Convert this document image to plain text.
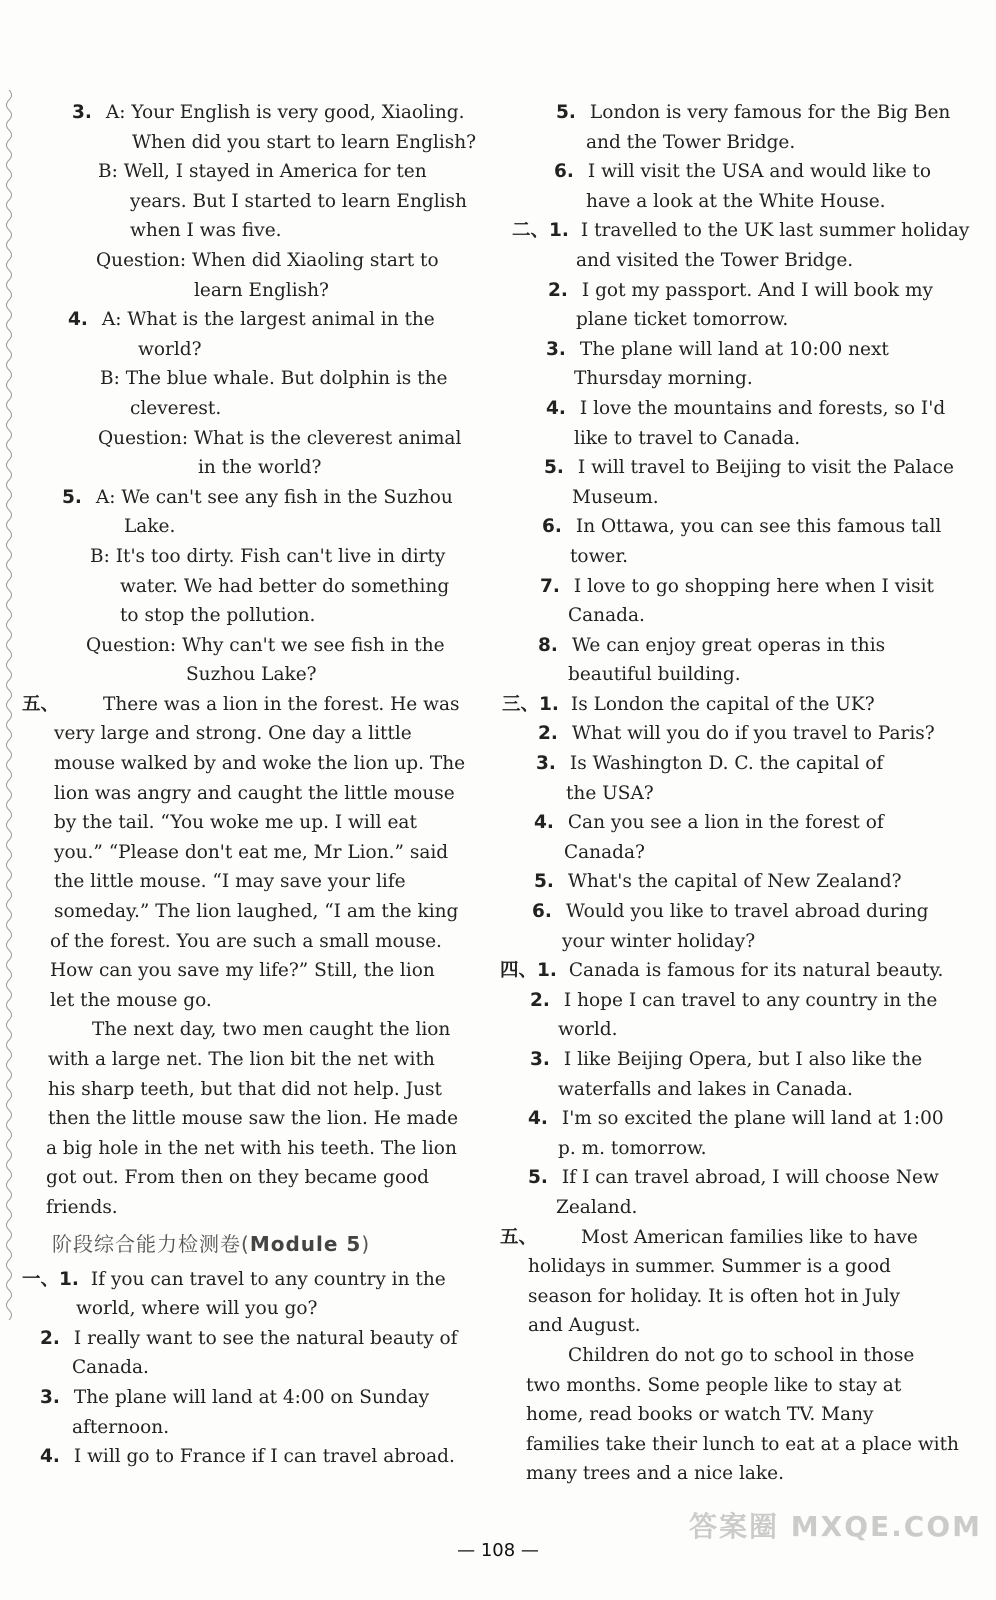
3. A: Your English is very good, Xiaoling.
When did you start to learn English?
B: Well, I stayed in America for ten
years. But I started to learn English
when I was five.
Question: When did Xiaoling start to
learn English?
4. A: What is the largest animal in the
world?
B: The blue whale. But dolphin is the
cleverest.
Question: What is the cleverest animal
in the world?
5. A: We can't see any fish in the Suzhou
Lake.
B: It's too dirty. Fish can't live in dirty
water. We had better do something
to stop the pollution.
Question: Why can't we see fish in the
Suzhou Lake?
五、 There was a lion in the forest. He was
very large and strong. One day a little
mouse walked by and woke the lion up. The
lion was angry and caught the little mouse
by the tail. “You woke me up. I will eat
you.” “Please don't eat me, Mr Lion.” said
the little mouse. “I may save your life
someday.” The lion laughed, “I am the king
of the forest. You are such a small mouse.
How can you save my life?” Still, the lion
let the mouse go.
The next day, two men caught the lion
with a large net. The lion bit the net with
his sharp teeth, but that did not help. Just
then the little mouse saw the lion. He made
a big hole in the net with his teeth. The lion
got out. From then on they became good
friends.
阶段综合能力检测卷(Module 5)
一、1. If you can travel to any country in the
world, where will you go?
2. I really want to see the natural beauty of
Canada.
3. The plane will land at 4:00 on Sunday
afternoon.
4. I will go to France if I can travel abroad.
5. London is very famous for the Big Ben
and the Tower Bridge.
6. I will visit the USA and would like to
have a look at the White House.
二、1. I travelled to the UK last summer holiday
and visited the Tower Bridge.
2. I got my passport. And I will book my
plane ticket tomorrow.
3. The plane will land at 10:00 next
Thursday morning.
4. I love the mountains and forests, so I'd
like to travel to Canada.
5. I will travel to Beijing to visit the Palace
Museum.
6. In Ottawa, you can see this famous tall
tower.
7. I love to go shopping here when I visit
Canada.
8. We can enjoy great operas in this
beautiful building.
三、1. Is London the capital of the UK?
2. What will you do if you travel to Paris?
3. Is Washington D. C. the capital of
the USA?
4. Can you see a lion in the forest of
Canada?
5. What's the capital of New Zealand?
6. Would you like to travel abroad during
your winter holiday?
四、1. Canada is famous for its natural beauty.
2. I hope I can travel to any country in the
world.
3. I like Beijing Opera, but I also like the
waterfalls and lakes in Canada.
4. I'm so excited the plane will land at 1:00
p. m. tomorrow.
5. If I can travel abroad, I will choose New
Zealand.
五、 Most American families like to have
holidays in summer. Summer is a good
season for holiday. It is often hot in July
and August.
Children do not go to school in those
two months. Some people like to stay at
home, read books or watch TV. Many
families take their lunch to eat at a place with
many trees and a nice lake.
— 108 —
答案圈 MXQE.COM
